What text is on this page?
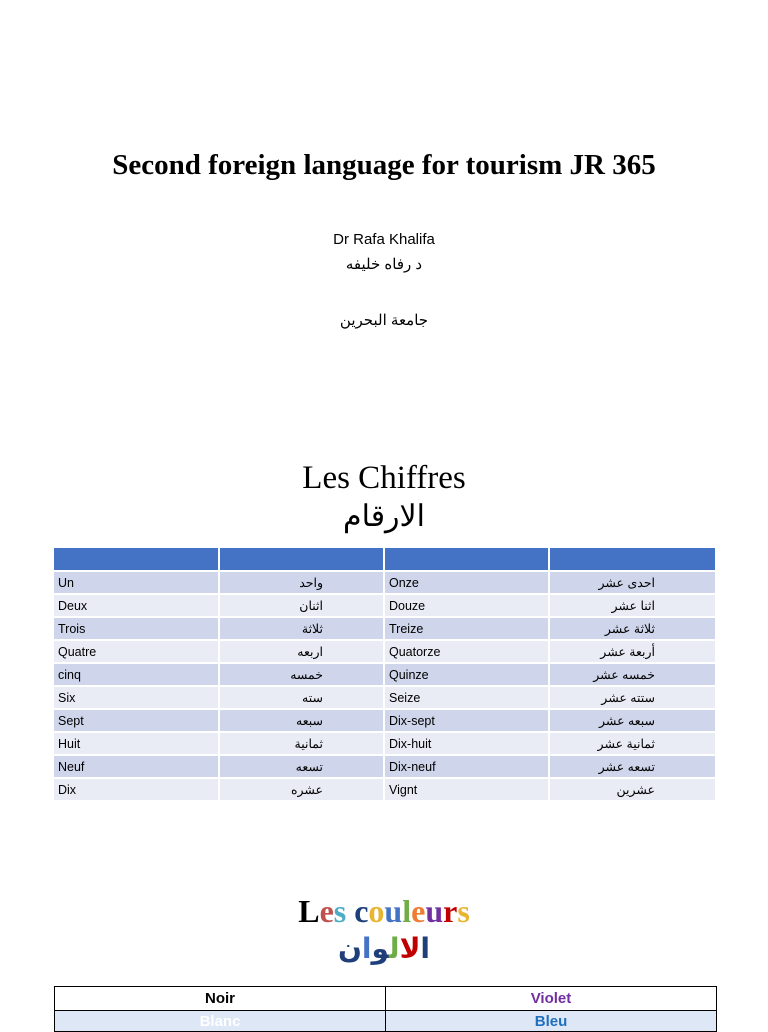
Second foreign language for tourism JR 365
Dr Rafa Khalifa
د رفاه خليفه
جامعة البحرين
Les Chiffres
الارقام

Un	واحد	Onze	احدى عشر
Deux	اثنان	Douze	اثنا عشر
Trois	ثلاثة	Treize	ثلاثة عشر
Quatre	اربعه	Quatorze	أربعة عشر
cinq	خمسه	Quinze	خمسه عشر
Six	سته	Seize	ستته عشر
Sept	سبعه	Dix-sept	سبعه عشر
Huit	ثمانية	Dix-huit	ثمانية عشر
Neuf	تسعه	Dix-neuf	تسعه عشر
Dix	عشره	Vignt	عشرين
Les couleurs
اللوان
Noir	Violet
Blanc	Bleu
